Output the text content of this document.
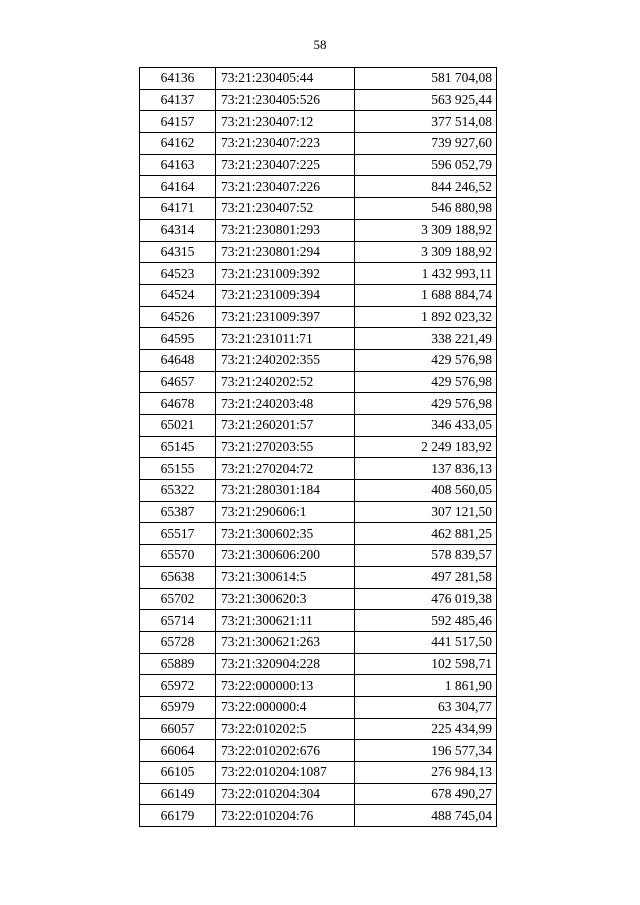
58
64136	73:21:230405:44	581 704,08
64137	73:21:230405:526	563 925,44
64157	73:21:230407:12	377 514,08
64162	73:21:230407:223	739 927,60
64163	73:21:230407:225	596 052,79
64164	73:21:230407:226	844 246,52
64171	73:21:230407:52	546 880,98
64314	73:21:230801:293	3 309 188,92
64315	73:21:230801:294	3 309 188,92
64523	73:21:231009:392	1 432 993,11
64524	73:21:231009:394	1 688 884,74
64526	73:21:231009:397	1 892 023,32
64595	73:21:231011:71	338 221,49
64648	73:21:240202:355	429 576,98
64657	73:21:240202:52	429 576,98
64678	73:21:240203:48	429 576,98
65021	73:21:260201:57	346 433,05
65145	73:21:270203:55	2 249 183,92
65155	73:21:270204:72	137 836,13
65322	73:21:280301:184	408 560,05
65387	73:21:290606:1	307 121,50
65517	73:21:300602:35	462 881,25
65570	73:21:300606:200	578 839,57
65638	73:21:300614:5	497 281,58
65702	73:21:300620:3	476 019,38
65714	73:21:300621:11	592 485,46
65728	73:21:300621:263	441 517,50
65889	73:21:320904:228	102 598,71
65972	73:22:000000:13	1 861,90
65979	73:22:000000:4	63 304,77
66057	73:22:010202:5	225 434,99
66064	73:22:010202:676	196 577,34
66105	73:22:010204:1087	276 984,13
66149	73:22:010204:304	678 490,27
66179	73:22:010204:76	488 745,04
